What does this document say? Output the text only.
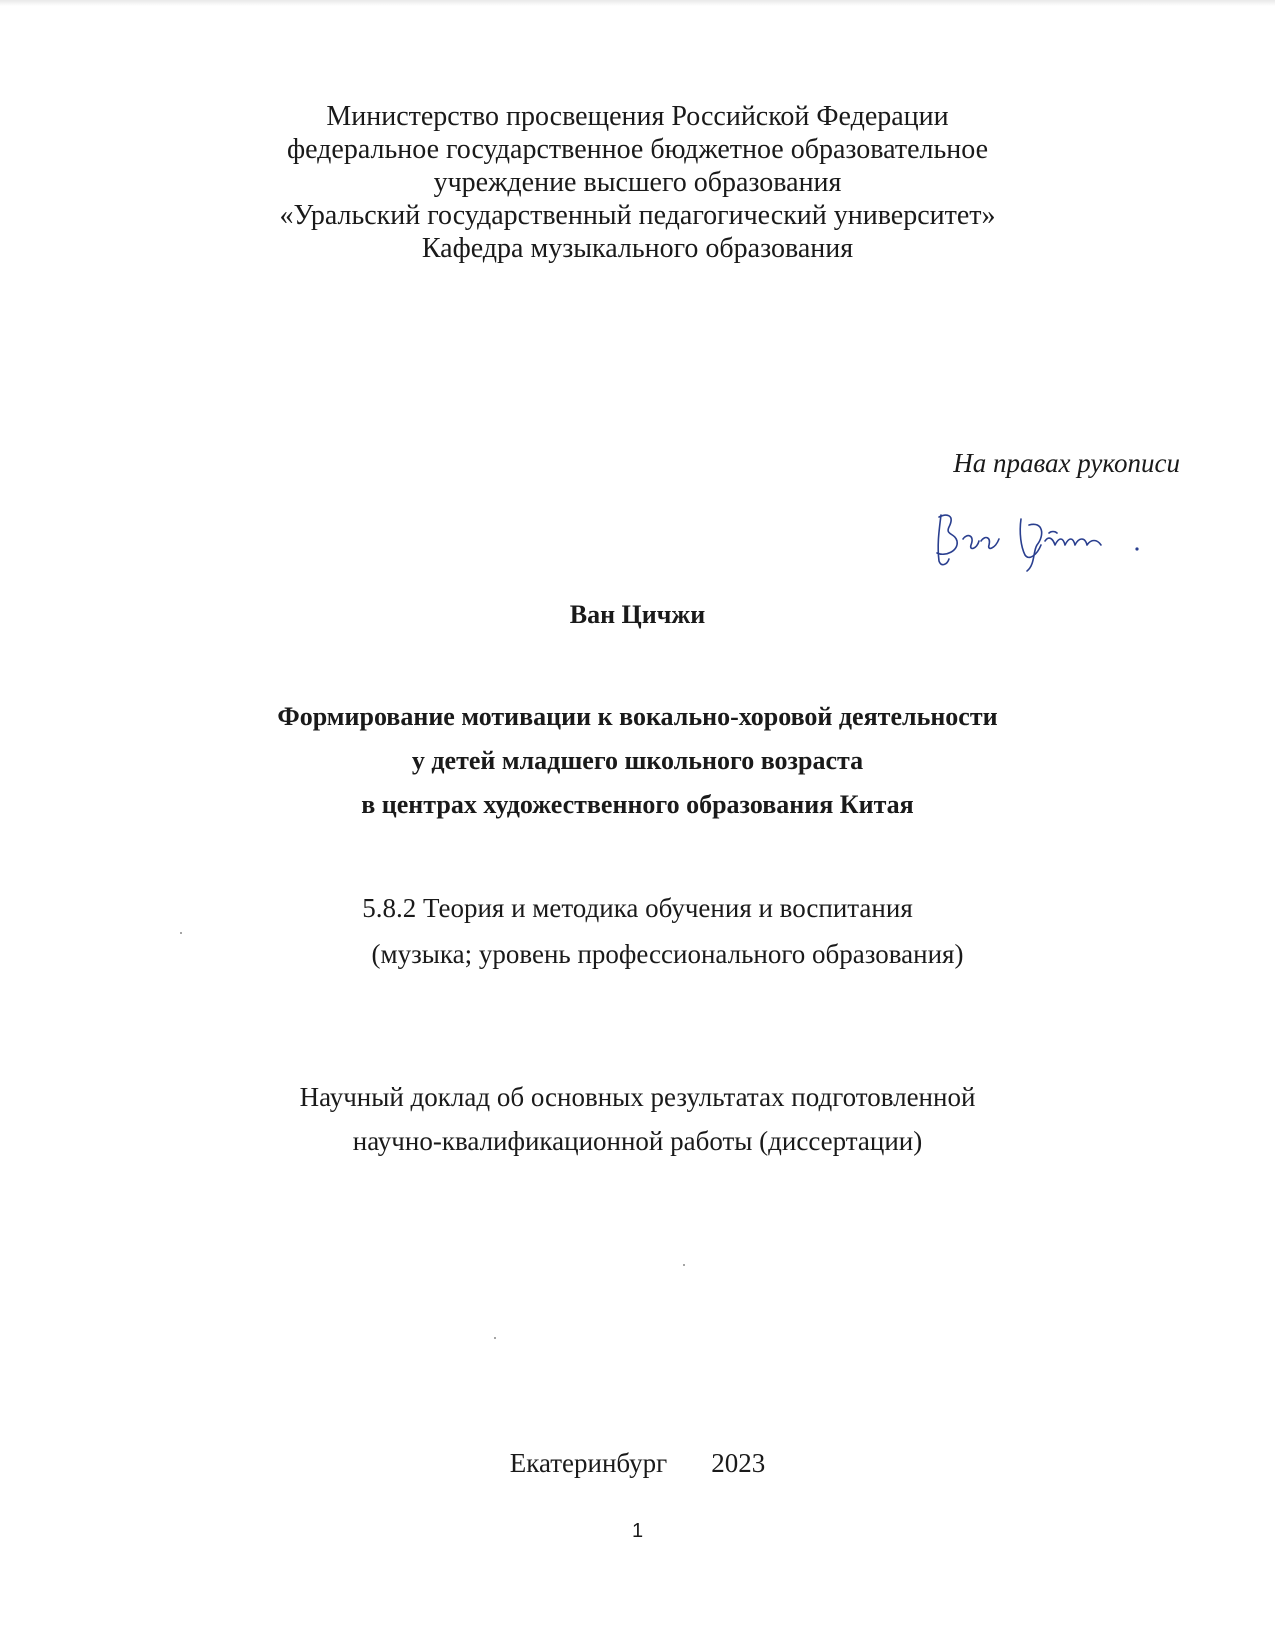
Министерство просвещения Российской Федерации
федеральное государственное бюджетное образовательное
учреждение высшего образования
«Уральский государственный педагогический университет»
Кафедра музыкального образования
На правах рукописи
Ван Цичжи
Формирование мотивации к вокально-хоровой деятельности
у детей младшего школьного возраста
в центрах художественного образования Китая
5.8.2 Теория и методика обучения и воспитания
(музыка; уровень профессионального образования)
Научный доклад об основных результатах подготовленной
научно-квалификационной работы (диссертации)
Екатеринбург 2023
1
